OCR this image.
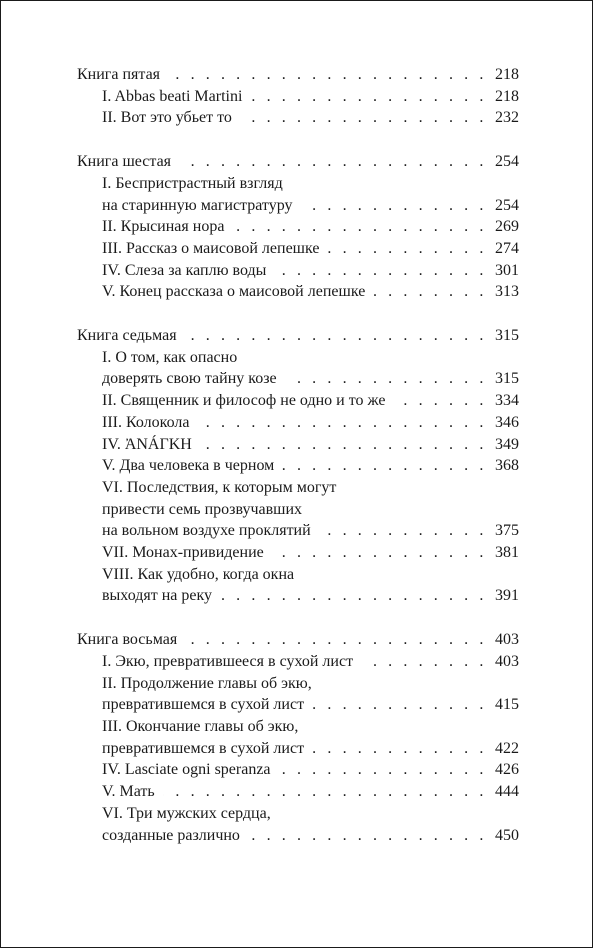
Книга пятая . . .	218
I. Abbas beati Martini . . .	218
II. Вот это убьет то . . .	232
Книга шестая . . .	254
I. Беспристрастный взгляд
на старинную магистратуру . . .	254
II. Крысиная нора . . .	269
III. Рассказ о маисовой лепешке . . .	274
IV. Слеза за каплю воды . . .	301
V. Конец рассказа о маисовой лепешке . . .	313
Книга седьмая . . .	315
I. О том, как опасно
доверять свою тайну козе . . .	315
II. Священник и философ не одно и то же . . .	334
III. Колокола . . .	346
IV. ἈNÁΓKH . . .	349
V. Два человека в черном . . .	368
VI. Последствия, к которым могут
привести семь прозвучавших
на вольном воздухе проклятий . . .	375
VII. Монах-привидение . . .	381
VIII. Как удобно, когда окна
выходят на реку . . .	391
Книга восьмая . . .	403
I. Экю, превратившееся в сухой лист . . .	403
II. Продолжение главы об экю,
превратившемся в сухой лист . . .	415
III. Окончание главы об экю,
превратившемся в сухой лист . . .	422
IV. Lasciate ogni speranza . . .	426
V. Мать . . .	444
VI. Три мужских сердца,
созданные различно . . .	450
